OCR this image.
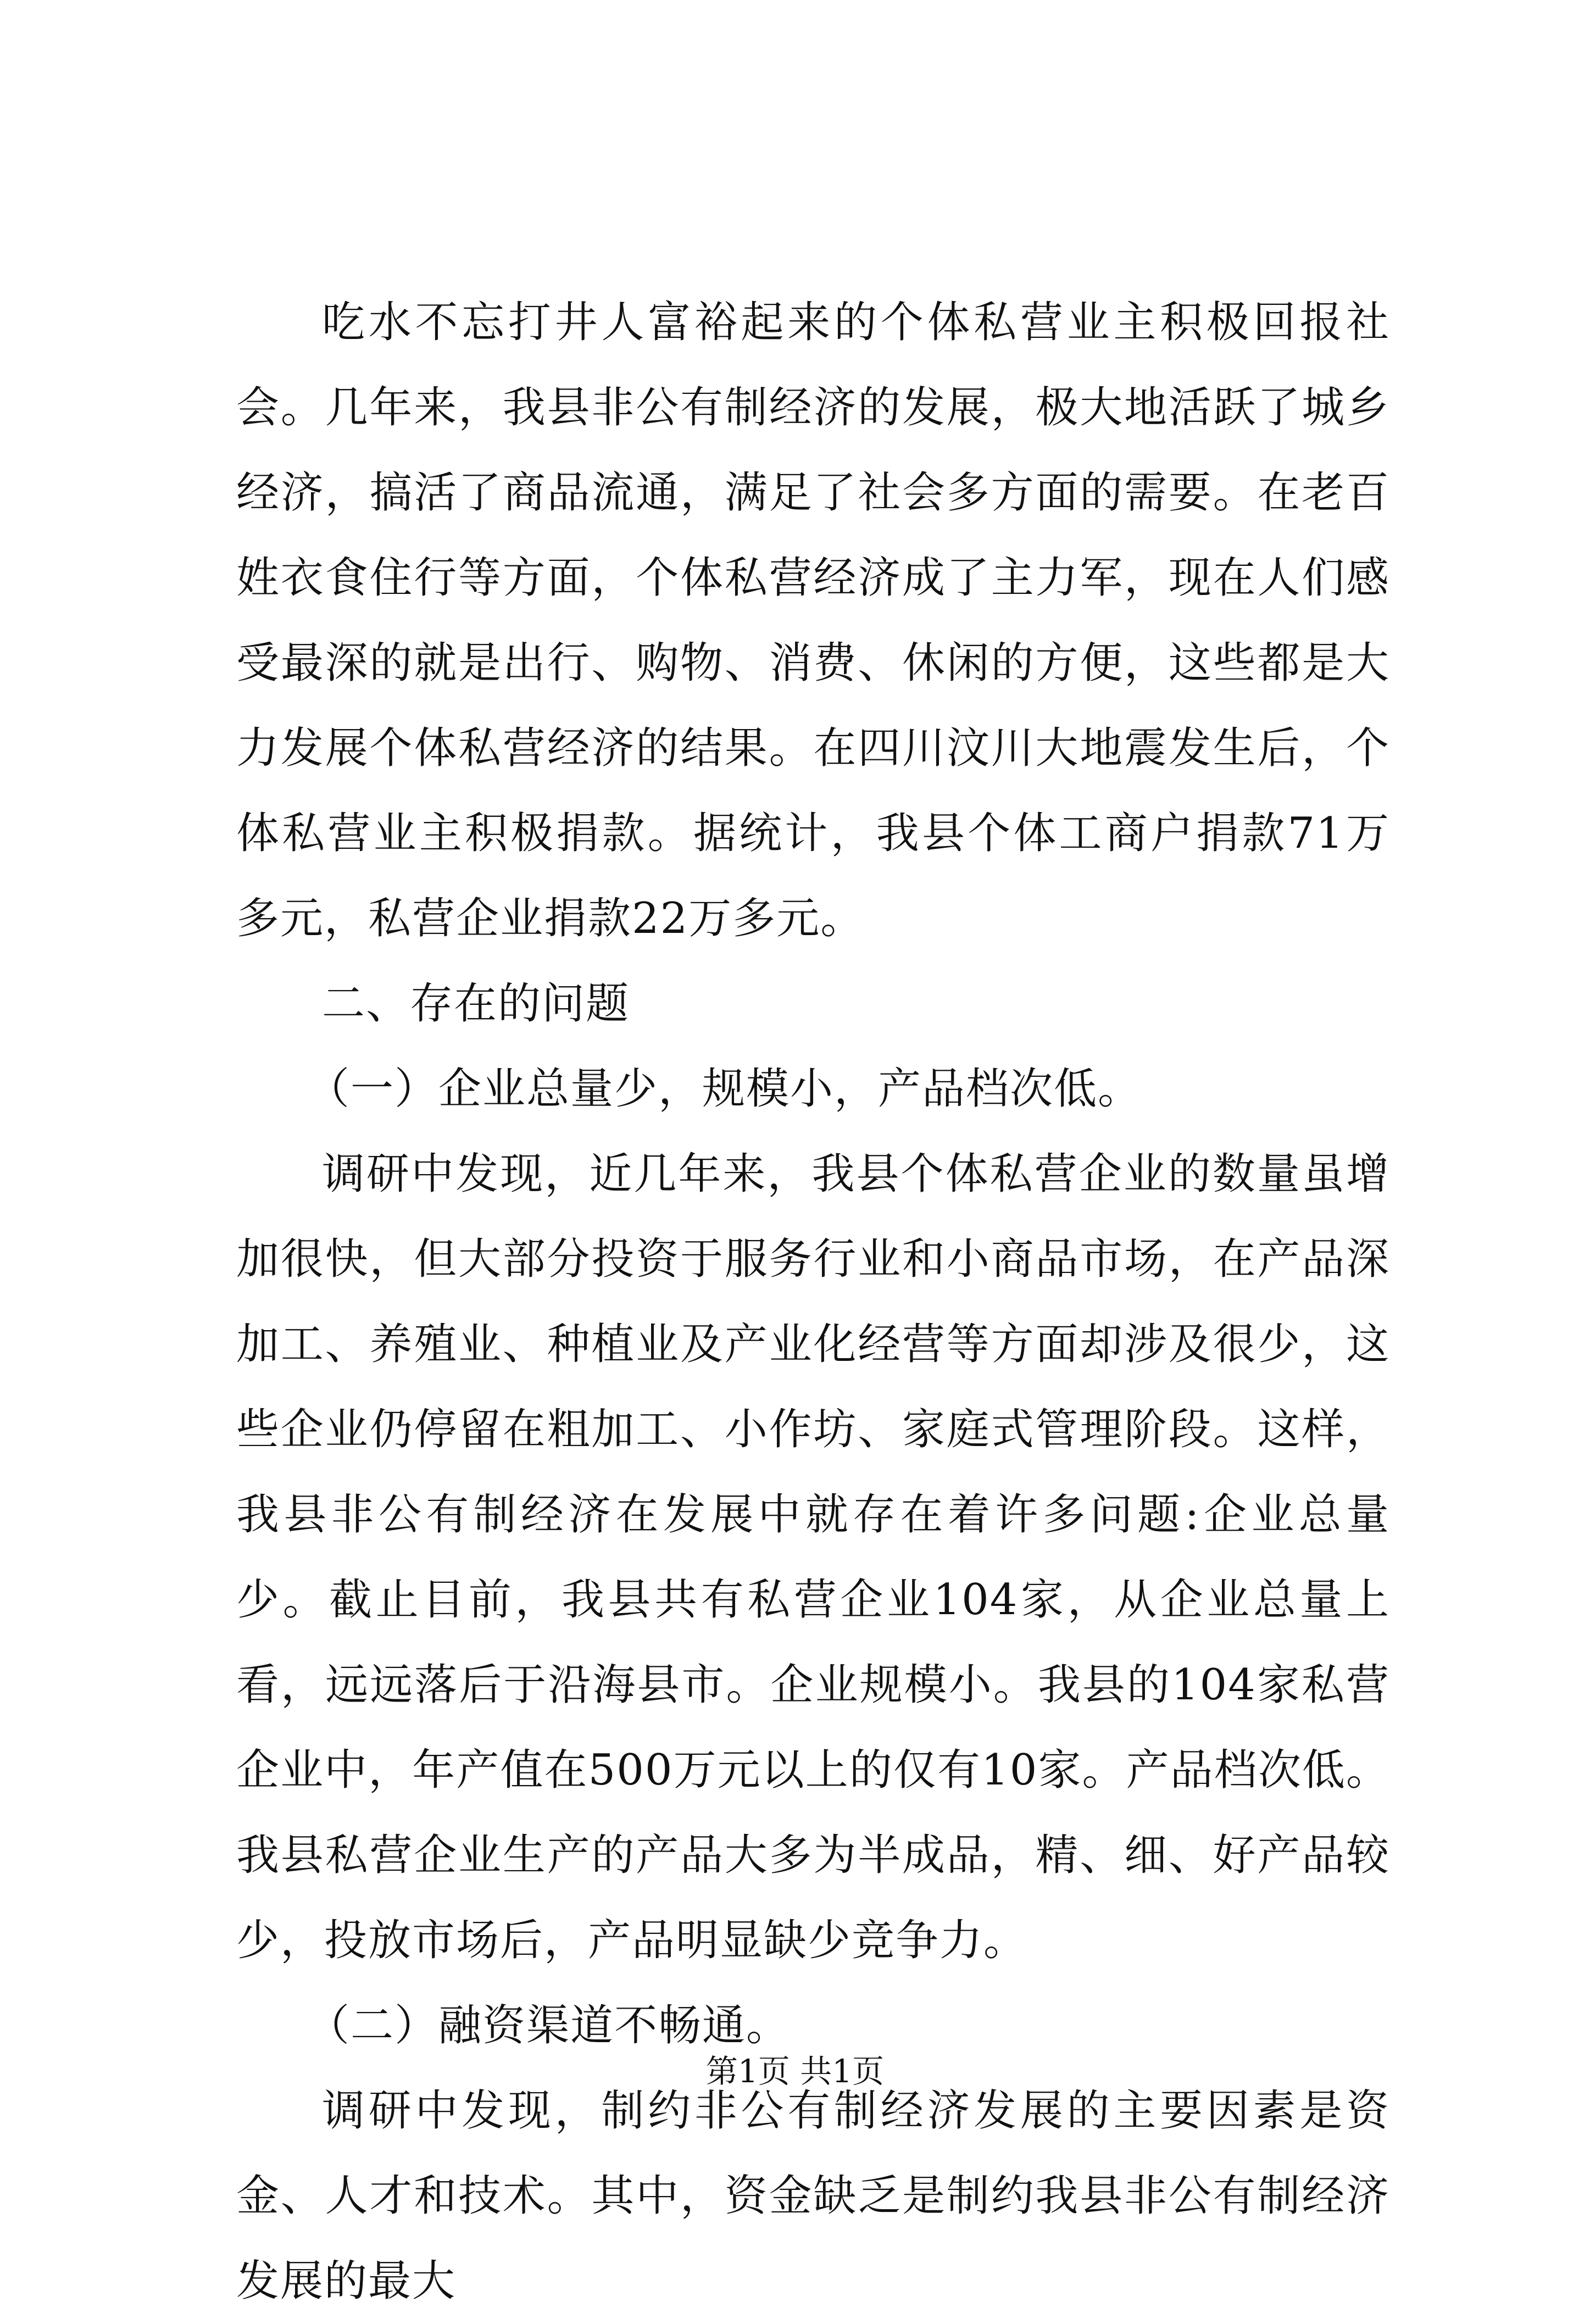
吃水不忘打井人富裕起来的个体私营业主积极回报社会。几年来，我县非公有制经济的发展，极大地活跃了城乡经济，搞活了商品流通，满足了社会多方面的需要。在老百姓衣食住行等方面，个体私营经济成了主力军，现在人们感受最深的就是出行、购物、消费、休闲的方便，这些都是大力发展个体私营经济的结果。在四川汶川大地震发生后，个体私营业主积极捐款。据统计，我县个体工商户捐款71万多元，私营企业捐款22万多元。

二、存在的问题

（一）企业总量少，规模小，产品档次低。

调研中发现，近几年来，我县个体私营企业的数量虽增加很快，但大部分投资于服务行业和小商品市场，在产品深加工、养殖业、种植业及产业化经营等方面却涉及很少，这些企业仍停留在粗加工、小作坊、家庭式管理阶段。这样，我县非公有制经济在发展中就存在着许多问题:企业总量少。截止目前，我县共有私营企业104家，从企业总量上看，远远落后于沿海县市。企业规模小。我县的104家私营企业中，年产值在500万元以上的仅有10家。产品档次低。我县私营企业生产的产品大多为半成品，精、细、好产品较少，投放市场后，产品明显缺少竞争力。

（二）融资渠道不畅通。

调研中发现，制约非公有制经济发展的主要因素是资金、人才和技术。其中，资金缺乏是制约我县非公有制经济发展的最大

第1页 共1页
